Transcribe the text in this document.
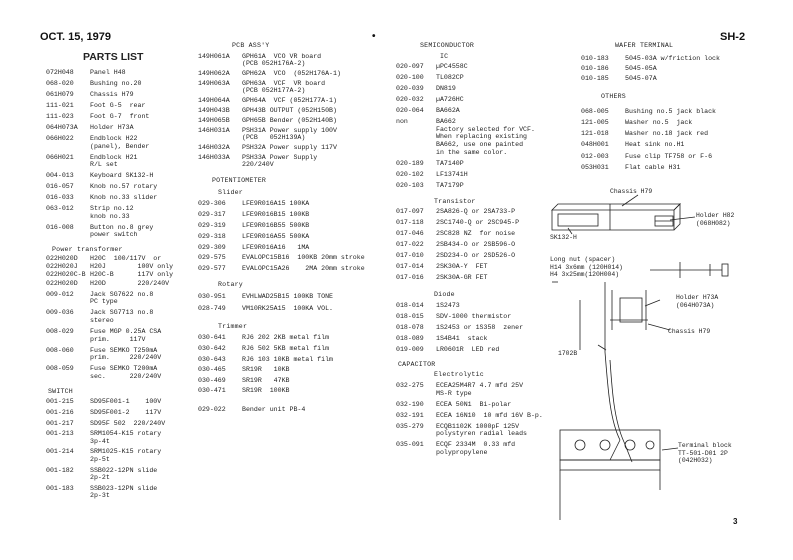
OCT. 15, 1979	•	SH-2
3
PARTS LIST
072H048 Panel H48
068-020 Bushing no.20
061H079 Chassis H79
111-021 Foot G-5  rear
111-023 Foot G-7  front
064H073A Holder H73A
066H022 Endblock H22
(panel), Bender
066H021 Endblock H21
R/L set
004-013 Keyboard SK132-H
016-057 Knob no.57 rotary
016-033 Knob no.33 slider
063-012 Strip no.12
knob no.33
016-008 Button no.8 grey
power switch
Power transformer
022H020D H20C  100/117V  or
022H020J H20J        100V only
022H020C-B H20C-B      117V only
022H020D H20D        220/240V
009-012 Jack SG7622 no.8
PC type
009-036 Jack SG7713 no.8
stereo
008-029 Fuse MGP 0.25A CSA
prim.     117V
008-060 Fuse SEMKO T250mA
prim.     220/240V
008-059 Fuse SEMKO T200mA
sec.      220/240V
SWITCH
001-215 SD95F001-1    100V
001-216 SD95F001-2    117V
001-217 SD95F 502  220/240V
001-213 SRM1054-K15 rotary
3p-4t
001-214 SRM1025-K15 rotary
2p-5t
001-182 SSB022-12PN slide
2p-2t
001-183 SSB023-12PN slide
2p-3t
PCB ASS'Y
149H061A GPH61A  VCO VR board
(PCB 052H176A-2)
149H062A GPH62A  VCO  (052H176A-1)
149H063A GPH63A  VCF  VR board
(PCB 052H177A-2)
149H064A GPH64A  VCF (052H177A-1)
149H043B GPH43B OUTPUT (052H150B)
149H065B GPH65B Bender (052H140B)
146H031A PSH31A Power supply 100V
(PCB   052H139A)
146H032A PSH32A Power supply 117V
146H033A PSH33A Power Supply
220/240V
POTENTIOMETER
Slider
029-306 LFE9R016A15 100KA
029-317 LFE9R016B15 100KB
029-319 LFE9R016B55 500KB
029-318 LFE9R016A55 500KA
029-309 LFE9R016A16   1MA
029-575 EVALOPC15B16  100KB 20mm stroke
029-577 EVALOPC15A26    2MA 20mm stroke
Rotary
030-951 EVHLWAD25B15 100KB TONE
028-749 VM10RK25A15  100KA VOL.
Trimmer
030-641 RJ6 202 2KB metal film
030-642 RJ6 502 5KB metal film
030-643 RJ6 103 10KB metal film
030-465 SR19R   10KB
030-469 SR19R   47KB
030-471 SR19R  100KB
029-022 Bender unit PB-4
SEMICONDUCTOR
IC
020-097 µPC4558C
020-100 TL082CP
020-039 DN819
020-032 µA726HC
020-064 BA662A
non	BA662
Factory selected for VCF.
When replacing existing
BA662, use one painted
in the same color.
020-189 TA7140P
020-102 LF13741H
020-103 TA7179P
Transistor
017-097 2SA826-Q or 2SA733-P
017-118 2SC1740-Q or 2SC945-P
017-046 2SC828 NZ  for noise
017-022 2SB434-O or 2SB596-O
017-010 2SD234-O or 2SD526-O
017-014 2SK30A-Y  FET
017-016 2SK30A-GR FET
Diode
018-014 1S2473
018-015 SDV-1000 thermistor
018-078 1S2453 or 1S358  zener
018-089 1S4B41  stack
019-009 LR0601R  LED red
CAPACITOR
Electrolytic
032-275 ECEA25M4R7 4.7 mfd 25V
MS-R type
032-190 ECEA 50N1  Bi-polar
032-191 ECEA 16N10  10 mfd 16V B-p.
035-279 ECQB1102K 1000pF 125V
polystyren radial leads
035-091 ECQF 2334M  0.33 mfd
polypropylene
WAFER TERMINAL
010-183 5045-03A w/friction lock
010-186 5045-05A
010-185 5045-07A
OTHERS
068-005 Bushing no.5 jack black
121-005 Washer no.5  jack
121-018 Washer no.18 jack red
048H001 Heat sink no.H1
012-003 Fuse clip TF758 or F-6
053H031 Flat cable H31
Chassis H79
SK132-H
Holder H82
(068H082)
Long nut (spacer)
H14 3x6mm (120H014)
H4 3x25mm(120H004)
Holder H73A
(064H073A)
Chassis H79
1702B
Terminal block
TT-501-D01 2P
(042H032)
